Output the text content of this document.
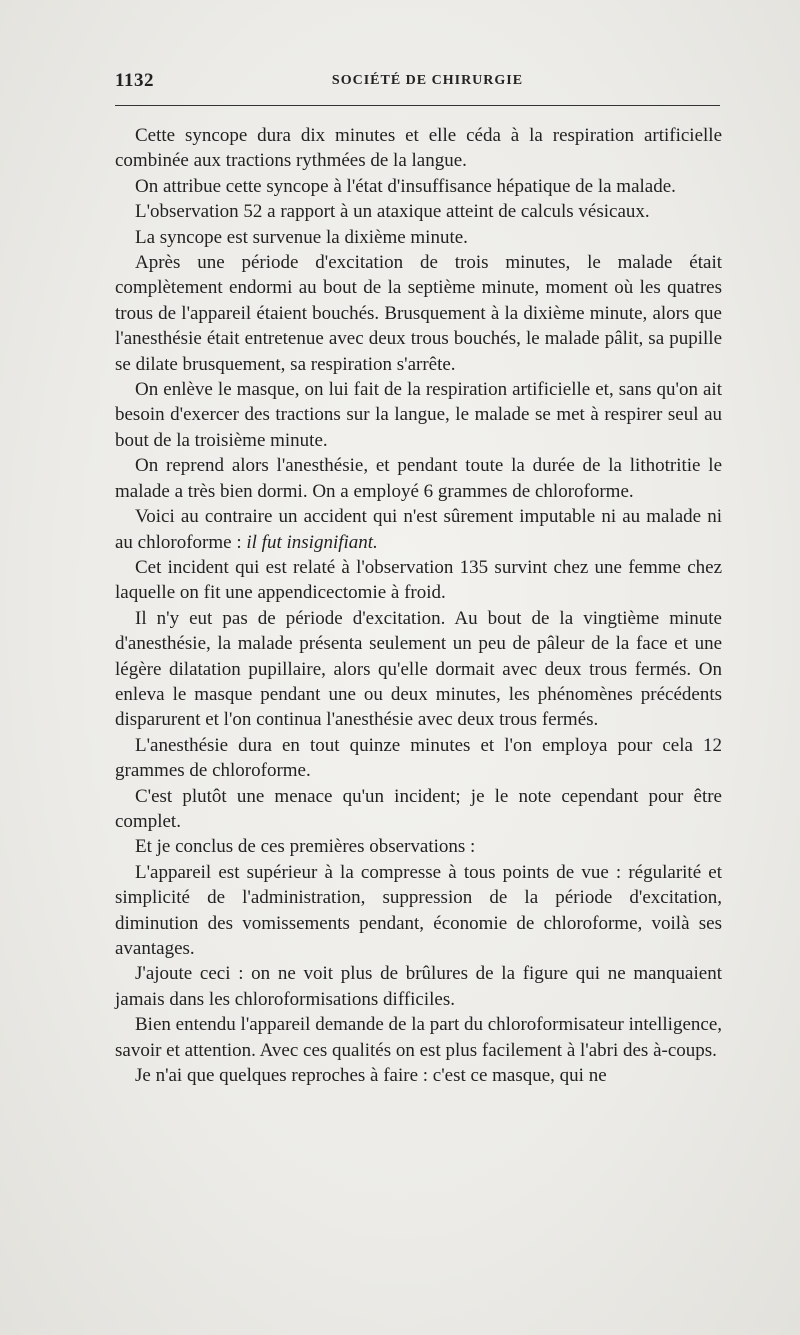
1132	SOCIÉTÉ DE CHIRURGIE

Cette syncope dura dix minutes et elle céda à la respiration artificielle combinée aux tractions rythmées de la langue.

On attribue cette syncope à l'état d'insuffisance hépatique de la malade.

L'observation 52 a rapport à un ataxique atteint de calculs vésicaux.

La syncope est survenue la dixième minute.

Après une période d'excitation de trois minutes, le malade était complètement endormi au bout de la septième minute, moment où les quatres trous de l'appareil étaient bouchés. Brusquement à la dixième minute, alors que l'anesthésie était entretenue avec deux trous bouchés, le malade pâlit, sa pupille se dilate brusquement, sa respiration s'arrête.

On enlève le masque, on lui fait de la respiration artificielle et, sans qu'on ait besoin d'exercer des tractions sur la langue, le malade se met à respirer seul au bout de la troisième minute.

On reprend alors l'anesthésie, et pendant toute la durée de la lithotritie le malade a très bien dormi. On a employé 6 grammes de chloroforme.

Voici au contraire un accident qui n'est sûrement imputable ni au malade ni au chloroforme : il fut insignifiant.

Cet incident qui est relaté à l'observation 135 survint chez une femme chez laquelle on fit une appendicectomie à froid.

Il n'y eut pas de période d'excitation. Au bout de la vingtième minute d'anesthésie, la malade présenta seulement un peu de pâleur de la face et une légère dilatation pupillaire, alors qu'elle dormait avec deux trous fermés. On enleva le masque pendant une ou deux minutes, les phénomènes précédents disparurent et l'on continua l'anesthésie avec deux trous fermés.

L'anesthésie dura en tout quinze minutes et l'on employa pour cela 12 grammes de chloroforme.

C'est plutôt une menace qu'un incident; je le note cependant pour être complet.

Et je conclus de ces premières observations :

L'appareil est supérieur à la compresse à tous points de vue : régularité et simplicité de l'administration, suppression de la période d'excitation, diminution des vomissements pendant, économie de chloroforme, voilà ses avantages.

J'ajoute ceci : on ne voit plus de brûlures de la figure qui ne manquaient jamais dans les chloroformisations difficiles.

Bien entendu l'appareil demande de la part du chloroformisateur intelligence, savoir et attention. Avec ces qualités on est plus facilement à l'abri des à-coups.

Je n'ai que quelques reproches à faire : c'est ce masque, qui ne
